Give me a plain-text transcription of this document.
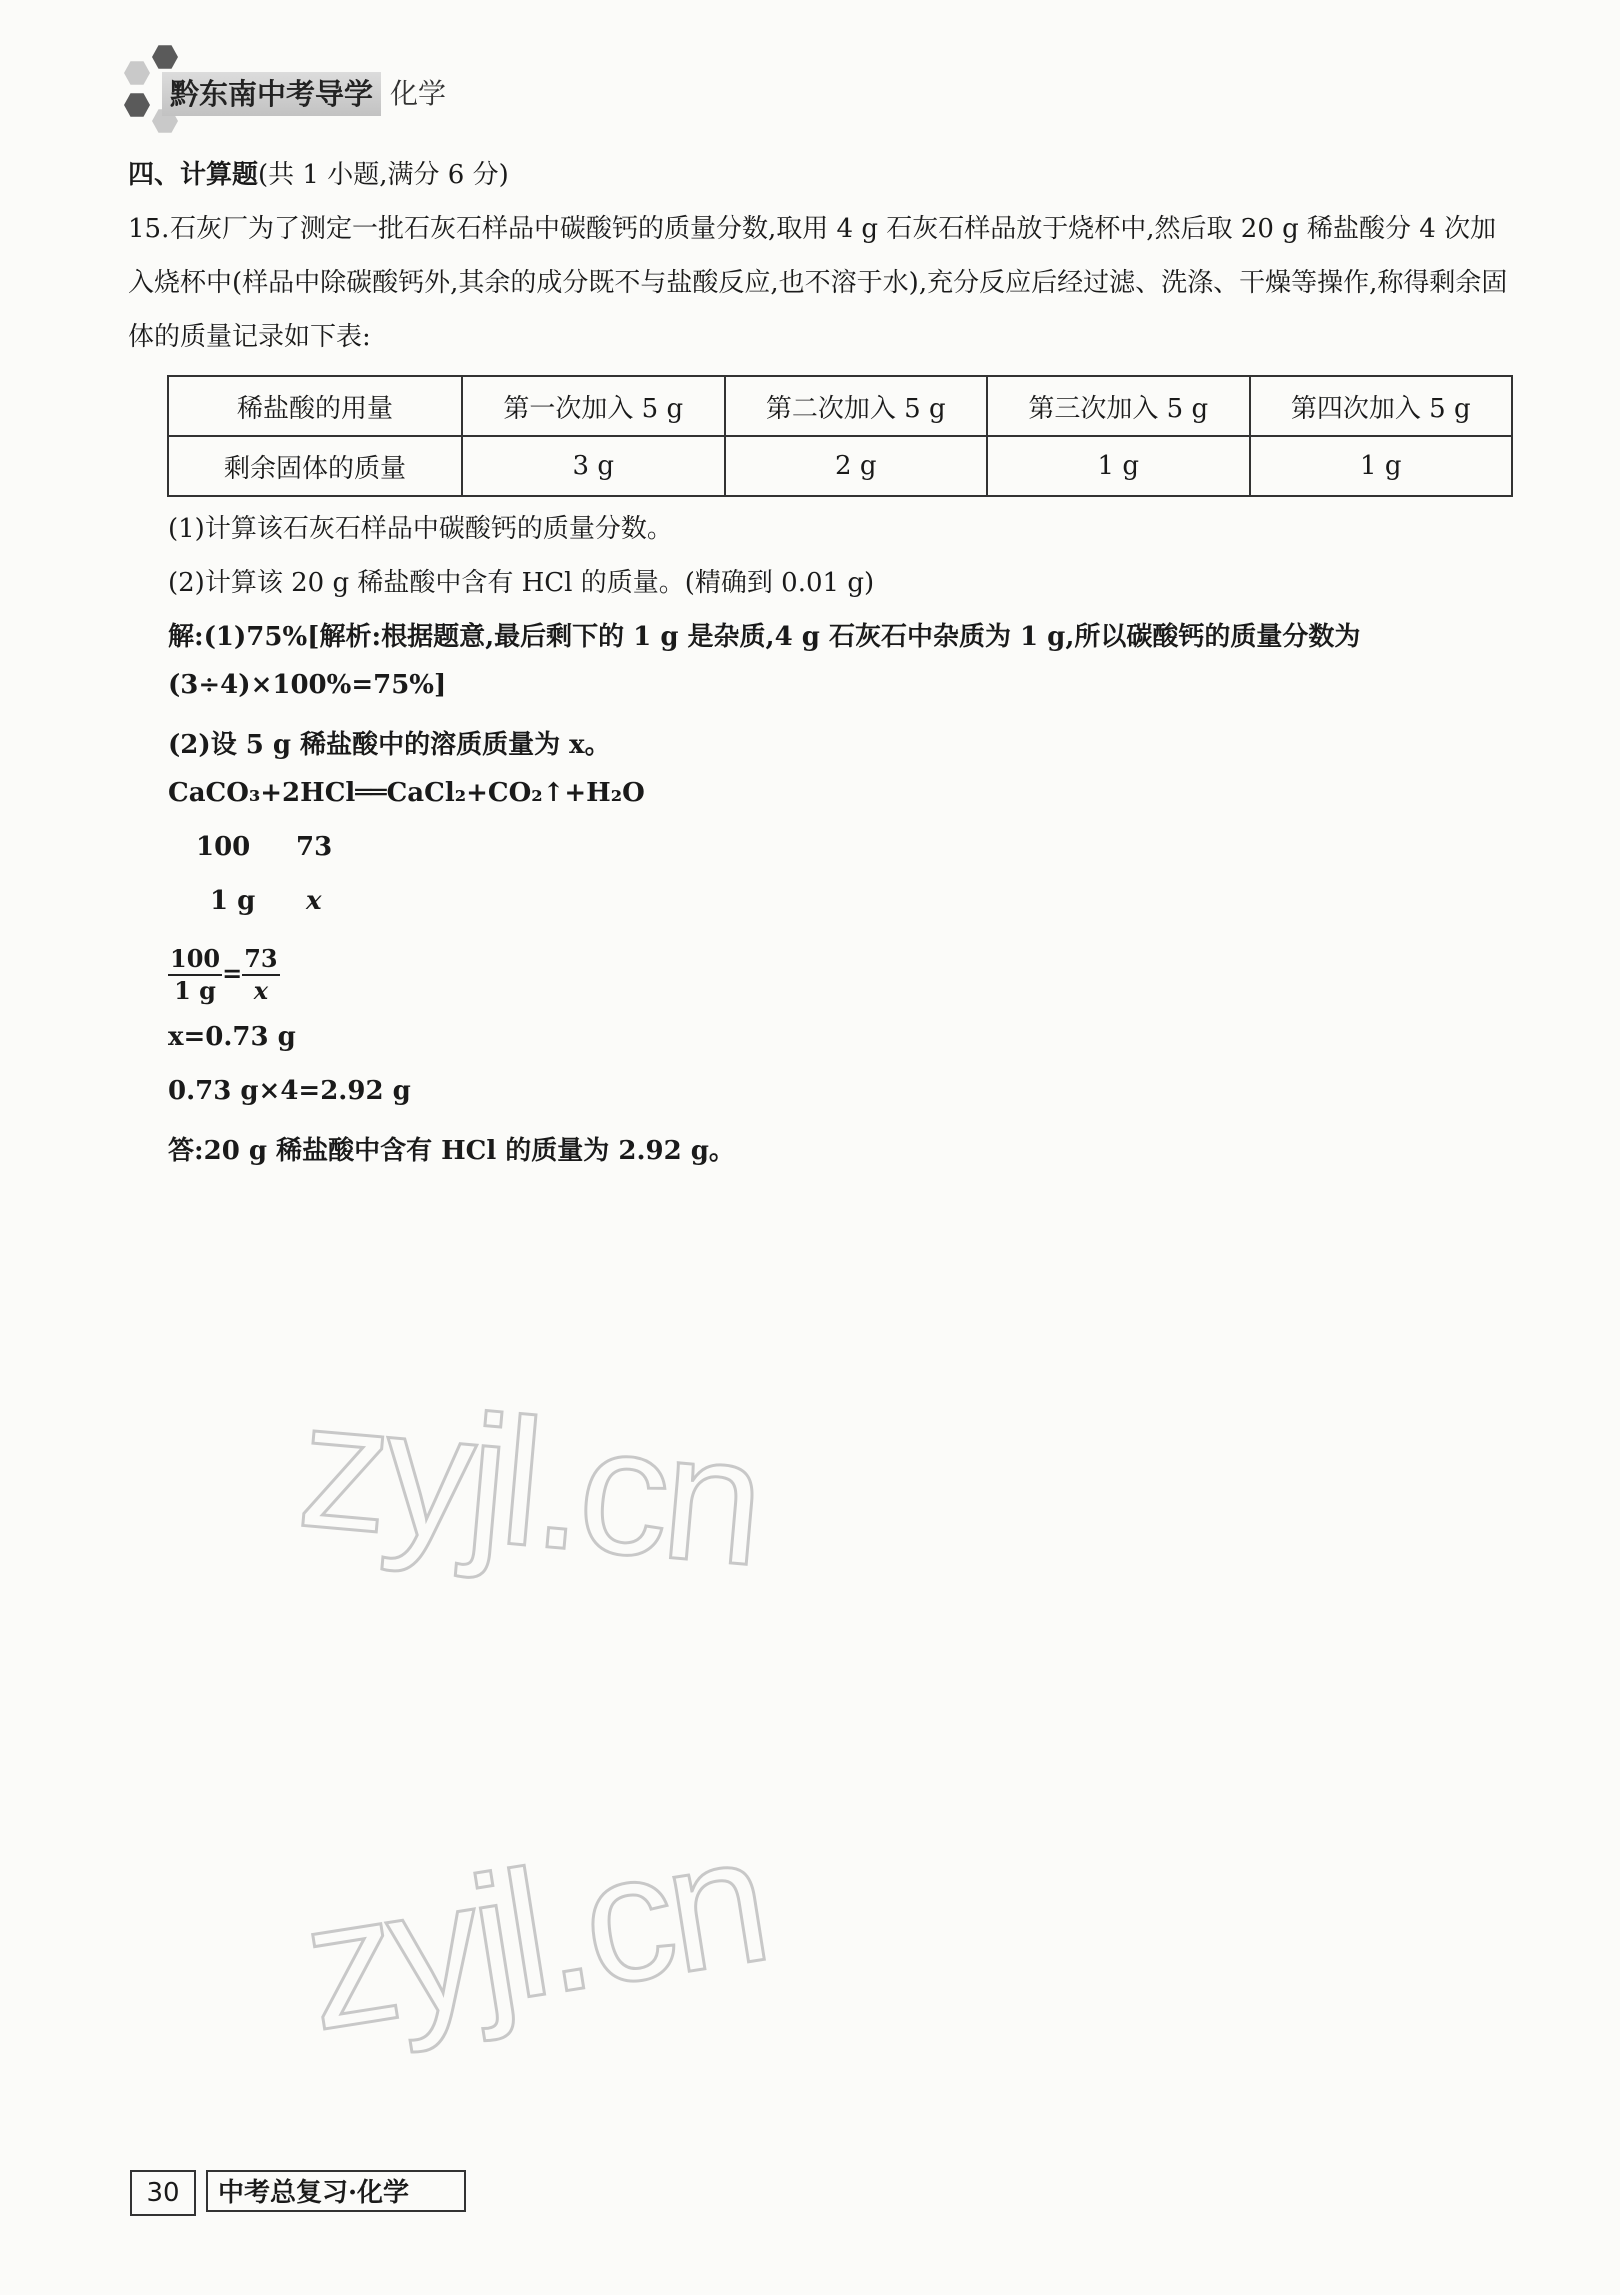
黔东南中考导学 化学
四、计算题(共 1 小题,满分 6 分)
15.石灰厂为了测定一批石灰石样品中碳酸钙的质量分数,取用 4 g 石灰石样品放于烧杯中,然后取 20 g 稀盐酸分 4 次加入烧杯中(样品中除碳酸钙外,其余的成分既不与盐酸反应,也不溶于水),充分反应后经过滤、洗涤、干燥等操作,称得剩余固体的质量记录如下表:
稀盐酸的用量	第一次加入 5 g	第二次加入 5 g	第三次加入 5 g	第四次加入 5 g
剩余固体的质量	3 g	2 g	1 g	1 g
(1)计算该石灰石样品中碳酸钙的质量分数。
(2)计算该 20 g 稀盐酸中含有 HCl 的质量。(精确到 0.01 g)
解:(1)75%[解析:根据题意,最后剩下的 1 g 是杂质,4 g 石灰石中杂质为 1 g,所以碳酸钙的质量分数为
(3÷4)×100%=75%]
(2)设 5 g 稀盐酸中的溶质质量为 x。
CaCO₃+2HCl══CaCl₂+CO₂↑+H₂O
100 73
1 g x
$\frac{100}{1 g} = \frac{73}{x}$
x=0.73 g
0.73 g×4=2.92 g
答:20 g 稀盐酸中含有 HCl 的质量为 2.92 g。
zyjl.cn
zyjl.cn
30	中考总复习·化学
